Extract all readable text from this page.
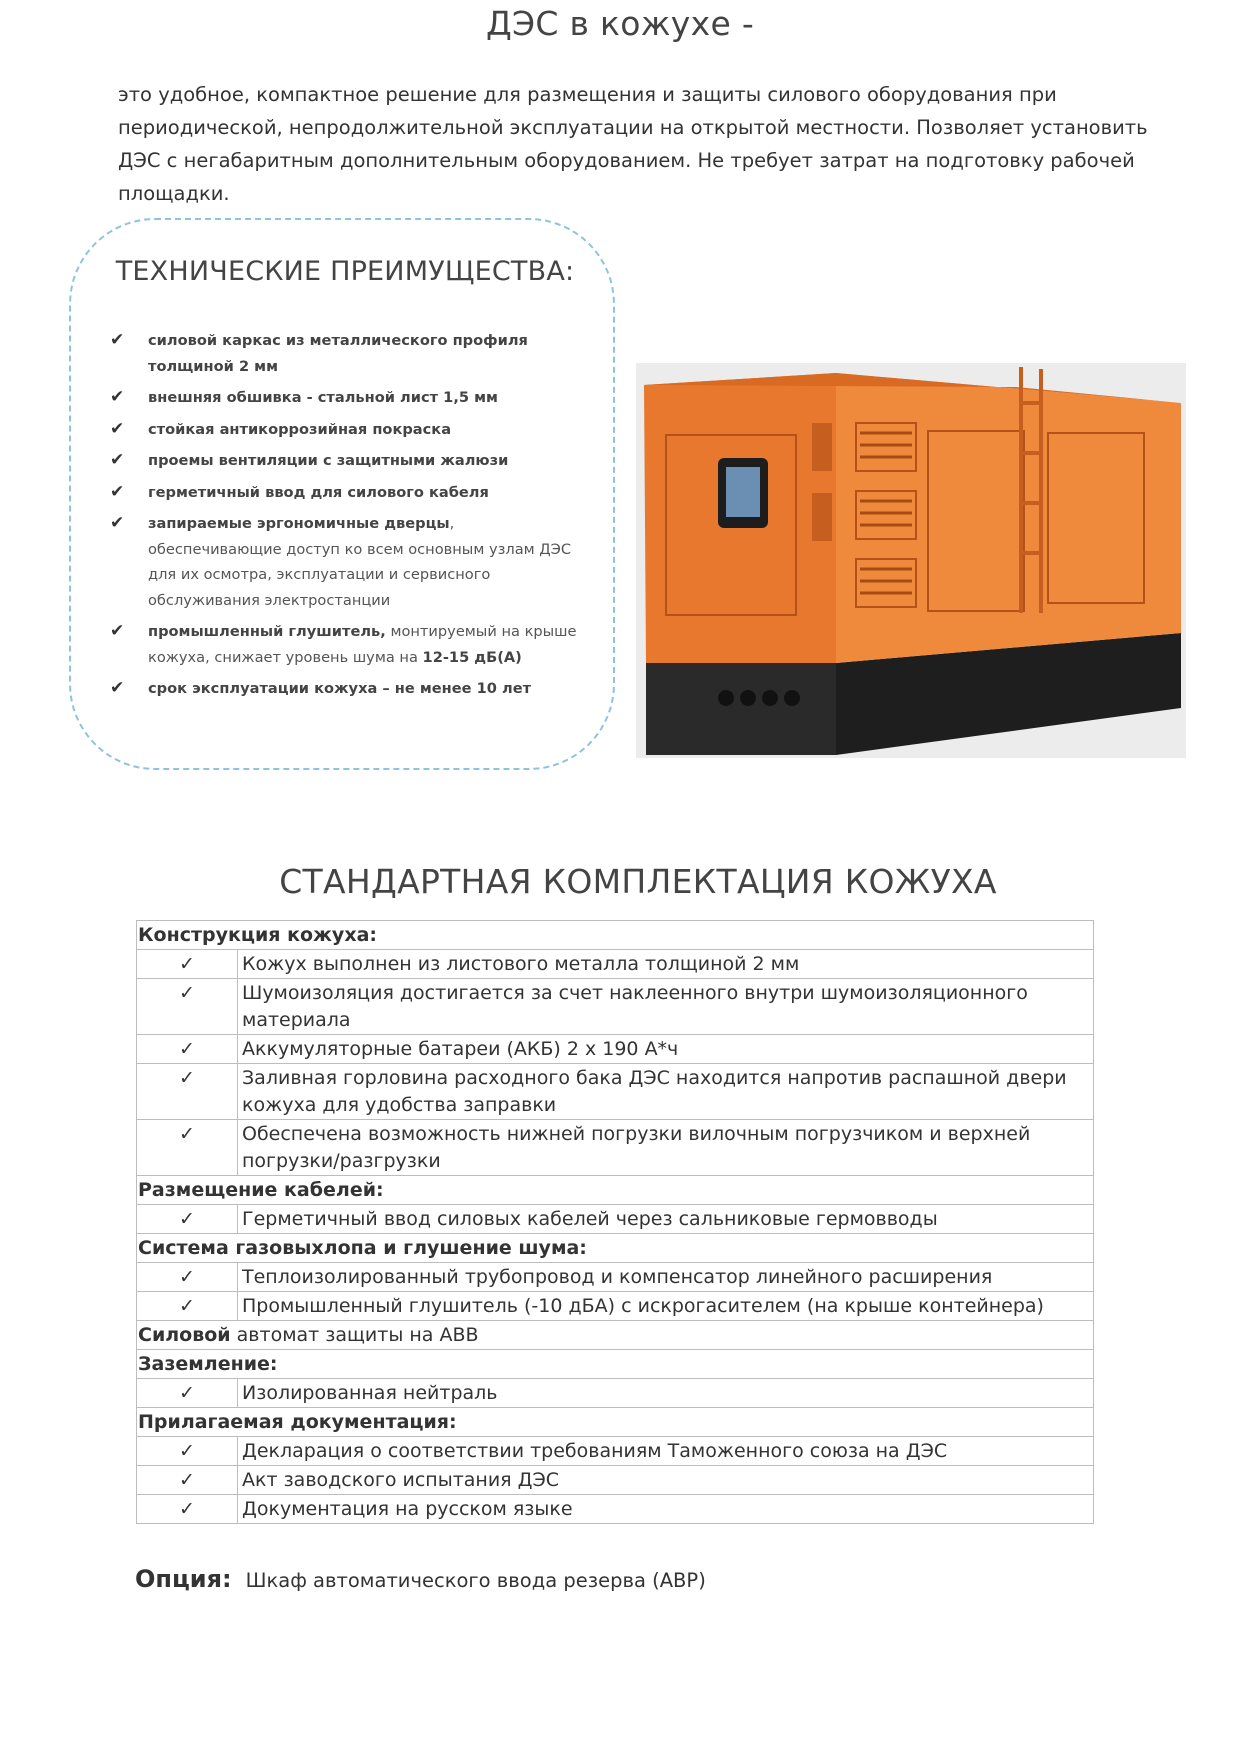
ДЭС в кожухе -

это удобное, компактное решение для размещения и защиты силового оборудования при периодической, непродолжительной эксплуатации на открытой местности. Позволяет установить ДЭС с негабаритным дополнительным оборудованием. Не требует затрат на подготовку рабочей площадки.

ТЕХНИЧЕСКИЕ ПРЕИМУЩЕСТВА:
✔ силовой каркас из металлического профиля толщиной 2 мм
✔ внешняя обшивка - стальной лист 1,5 мм
✔ стойкая антикоррозийная покраска
✔ проемы вентиляции с защитными жалюзи
✔ герметичный ввод для силового кабеля
✔ запираемые эргономичные дверцы, обеспечивающие доступ ко всем основным узлам ДЭС для их осмотра, эксплуатации и сервисного обслуживания электростанции
✔ промышленный глушитель, монтируемый на крыше кожуха, снижает уровень шума на 12-15 дБ(А)
✔ срок эксплуатации кожуха – не менее 10 лет
СТАНДАРТНАЯ КОМПЛЕКТАЦИЯ КОЖУХА
Конструкция кожуха:	
✓	Кожух выполнен из листового металла толщиной 2 мм
✓	Шумоизоляция достигается за счет наклеенного внутри шумоизоляционного материала
✓	Аккумуляторные батареи (АКБ) 2 х 190 А*ч
✓	Заливная горловина расходного бака ДЭС находится напротив распашной двери кожуха для удобства заправки
✓	Обеспечена возможность нижней погрузки вилочным погрузчиком и верхней погрузки/разгрузки
Размещение кабелей:	
✓	Герметичный ввод силовых кабелей через сальниковые гермовводы
Система газовыхлопа и глушение шума:	
✓	Теплоизолированный трубопровод и компенсатор линейного расширения
✓	Промышленный глушитель (-10 дБА) с искрогасителем (на крыше контейнера)
Силовой автомат защиты на ABB	
Заземление:	
✓	Изолированная нейтраль
Прилагаемая документация:	
✓	Декларация о соответствии требованиям Таможенного союза на ДЭС
✓	Акт заводского испытания ДЭС
✓	Документация на русском языке
Опция: Шкаф автоматического ввода резерва (АВР)
